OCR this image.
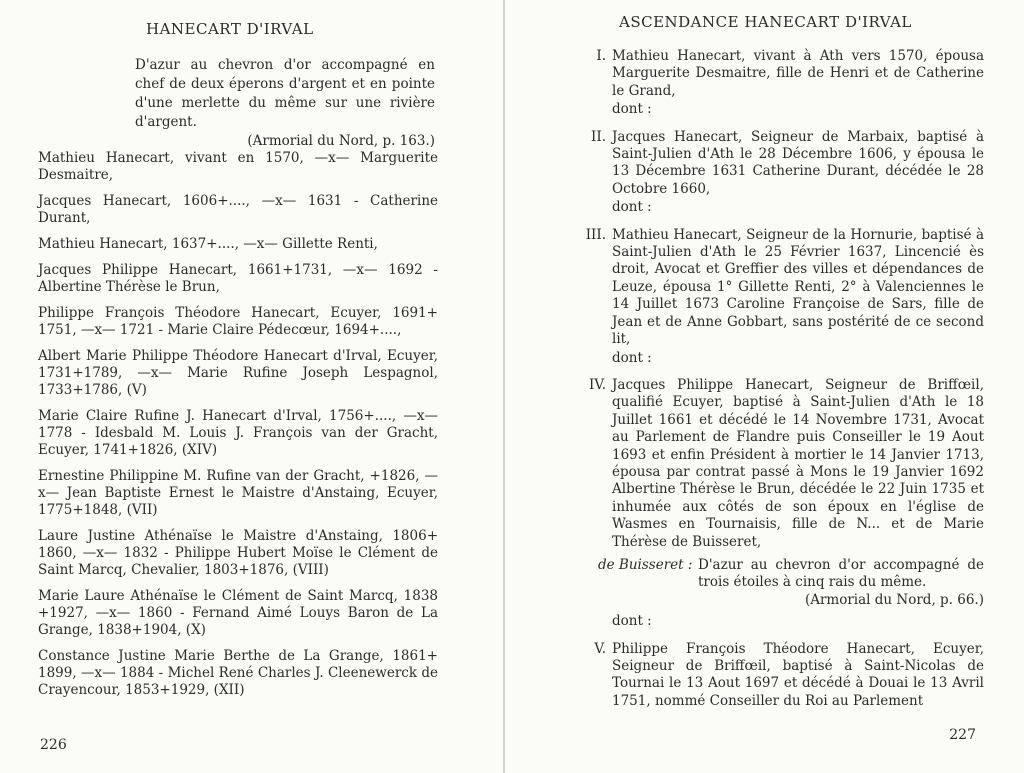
HANECART D'IRVAL
D'azur au chevron d'or accompagné en chef de deux éperons d'argent et en pointe d'une merlette du même sur une rivière d'argent.
(Armorial du Nord, p. 163.)

Mathieu Hanecart, vivant en 1570, —x— Marguerite Desmaitre,

Jacques Hanecart, 1606+...., —x— 1631 - Catherine Durant,

Mathieu Hanecart, 1637+...., —x— Gillette Renti,

Jacques Philippe Hanecart, 1661+1731, —x— 1692 - Albertine Thérèse le Brun,

Philippe François Théodore Hanecart, Ecuyer, 1691+ 1751, —x— 1721 - Marie Claire Pédecœur, 1694+....,

Albert Marie Philippe Théodore Hanecart d'Irval, Ecuyer, 1731+1789, —x— Marie Rufine Joseph Lespagnol, 1733+1786, (V)

Marie Claire Rufine J. Hanecart d'Irval, 1756+...., —x— 1778 - Idesbald M. Louis J. François van der Gracht, Ecuyer, 1741+1826, (XIV)

Ernestine Philippine M. Rufine van der Gracht, +1826, —x— Jean Baptiste Ernest le Maistre d'Anstaing, Ecuyer, 1775+1848, (VII)

Laure Justine Athénaïse le Maistre d'Anstaing, 1806+ 1860, —x— 1832 - Philippe Hubert Moïse le Clément de Saint Marcq, Chevalier, 1803+1876, (VIII)

Marie Laure Athénaïse le Clément de Saint Marcq, 1838 +1927, —x— 1860 - Fernand Aimé Louys Baron de La Grange, 1838+1904, (X)

Constance Justine Marie Berthe de La Grange, 1861+ 1899, —x— 1884 - Michel René Charles J. Cleenewerck de Crayencour, 1853+1929, (XII)

226
ASCENDANCE HANECART D'IRVAL
I. Mathieu Hanecart, vivant à Ath vers 1570, épousa Marguerite Desmaitre, fille de Henri et de Catherine le Grand,
dont :
II. Jacques Hanecart, Seigneur de Marbaix, baptisé à Saint-Julien d'Ath le 28 Décembre 1606, y épousa le 13 Décembre 1631 Catherine Durant, décédée le 28 Octobre 1660,
dont :
III. Mathieu Hanecart, Seigneur de la Hornurie, baptisé à Saint-Julien d'Ath le 25 Février 1637, Lincencié ès droit, Avocat et Greffier des villes et dépendances de Leuze, épousa 1° Gillette Renti, 2° à Valenciennes le 14 Juillet 1673 Caroline Françoise de Sars, fille de Jean et de Anne Gobbart, sans postérité de ce second lit,
dont :
IV. Jacques Philippe Hanecart, Seigneur de Briffœil, qualifié Ecuyer, baptisé à Saint-Julien d'Ath le 18 Juillet 1661 et décédé le 14 Novembre 1731, Avocat au Parlement de Flandre puis Conseiller le 19 Aout 1693 et enfin Président à mortier le 14 Janvier 1713, épousa par contrat passé à Mons le 19 Janvier 1692 Albertine Thérèse le Brun, décédée le 22 Juin 1735 et inhumée aux côtés de son époux en l'église de Wasmes en Tournaisis, fille de N... et de Marie Thérèse de Buisseret,
de Buisseret : D'azur au chevron d'or accompagné de trois étoiles à cinq rais du même.
(Armorial du Nord, p. 66.)
dont :
V. Philippe François Théodore Hanecart, Ecuyer, Seigneur de Briffœil, baptisé à Saint-Nicolas de Tournai le 13 Aout 1697 et décédé à Douai le 13 Avril 1751, nommé Conseiller du Roi au Parlement
227
